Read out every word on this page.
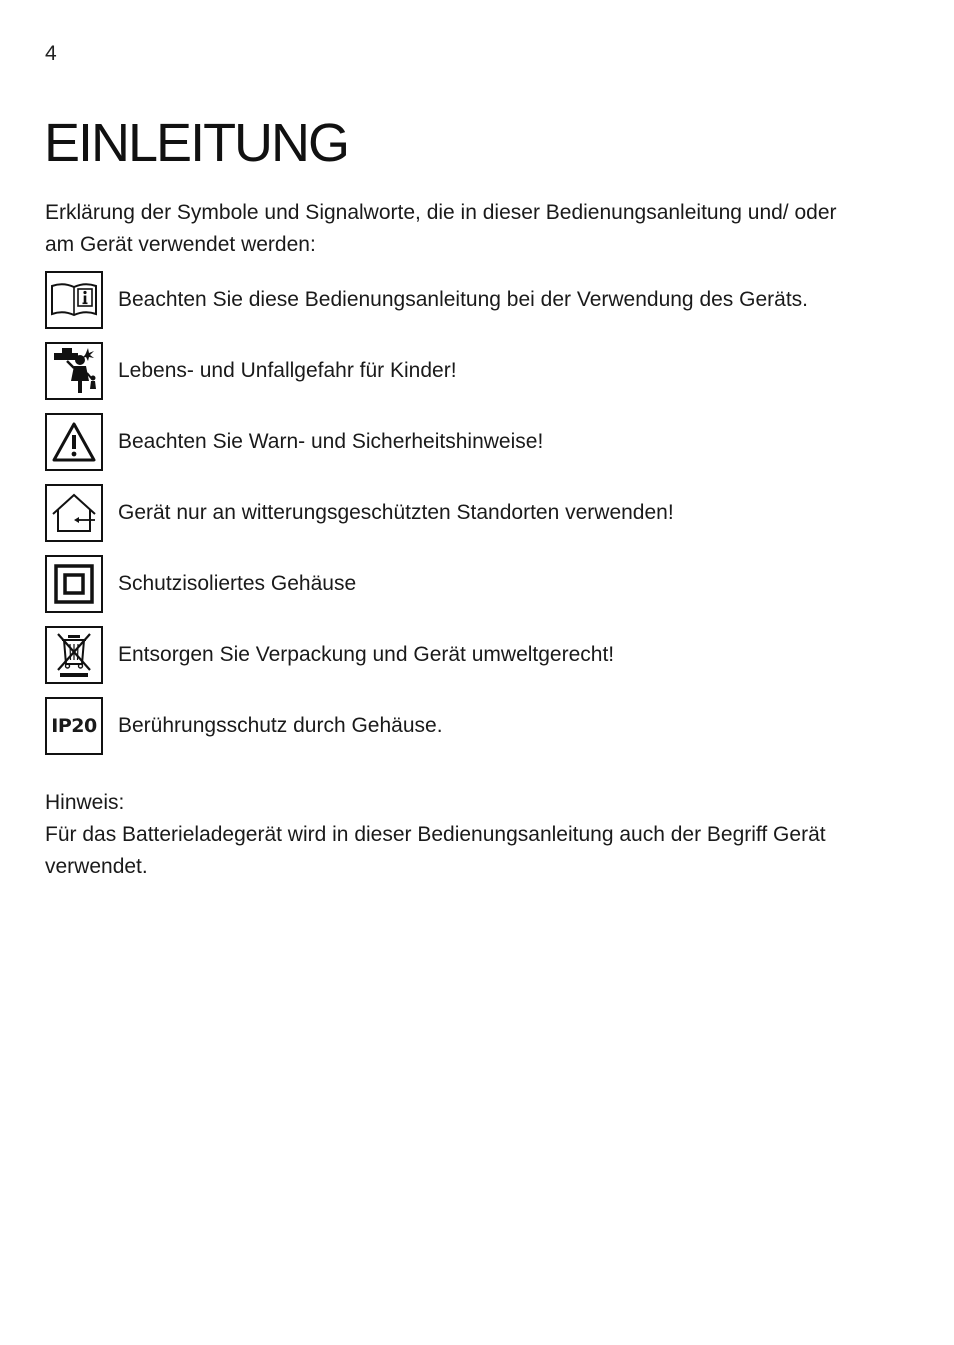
4
EINLEITUNG

Erklärung der Symbole und Signalworte, die in dieser Bedienungsanleitung und/ oder am Gerät verwendet werden:

Beachten Sie diese Bedienungsanleitung bei der Verwendung des Geräts.
Lebens- und Unfallgefahr für Kinder!
Beachten Sie Warn- und Sicherheitshinweise!
Gerät nur an witterungsgeschützten Standorten verwenden!
Schutzisoliertes Gehäuse
Entsorgen Sie Verpackung und Gerät umweltgerecht!
IP20 Berührungsschutz durch Gehäuse.

Hinweis:

Für das Batterieladegerät wird in dieser Bedienungsanleitung auch der Begriff Gerät verwendet.
